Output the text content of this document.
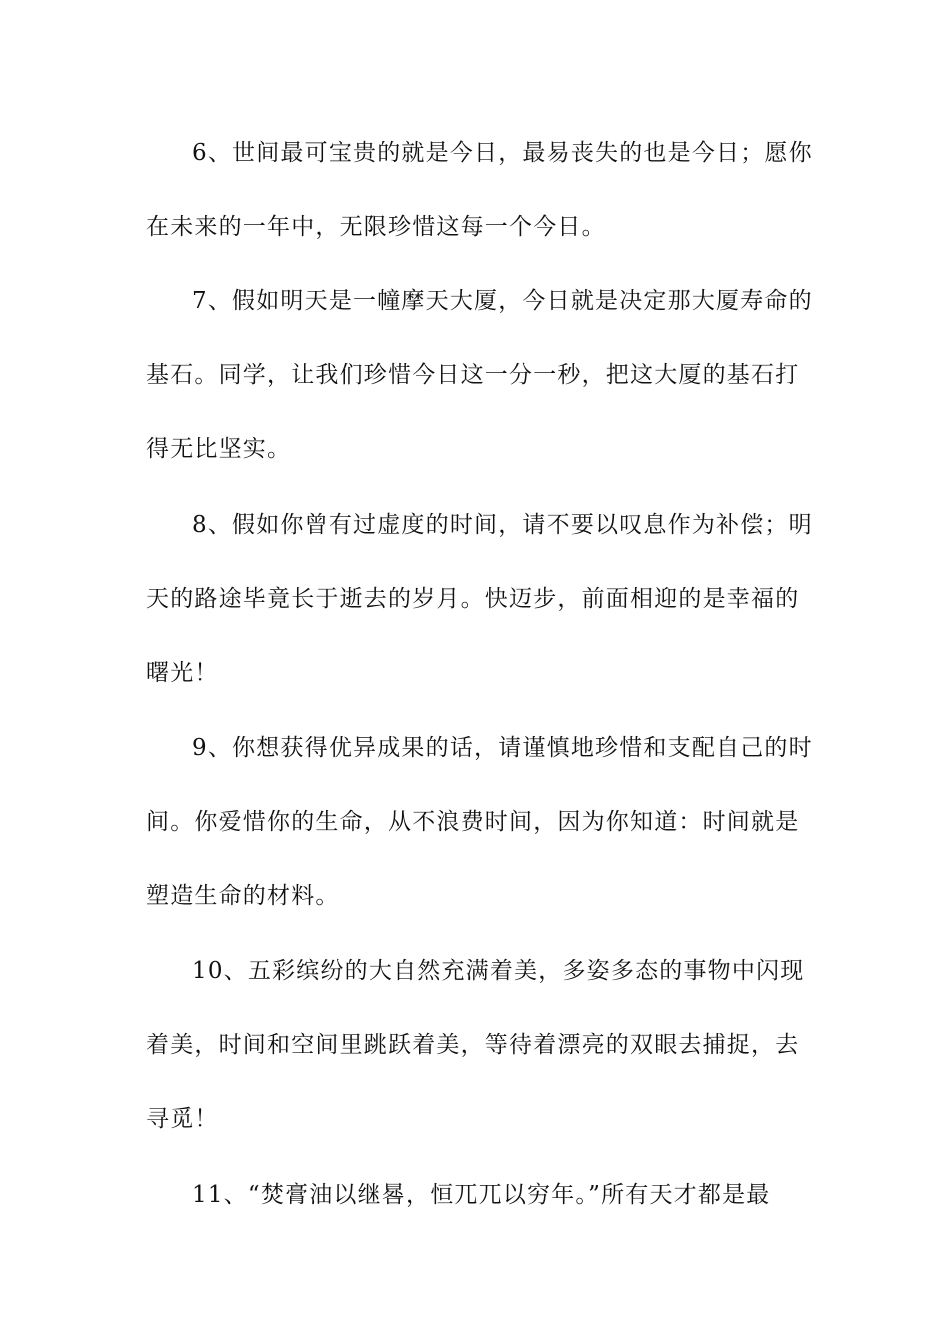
6、世间最可宝贵的就是今日，最易丧失的也是今日；愿你
在未来的一年中，无限珍惜这每一个今日。
7、假如明天是一幢摩天大厦，今日就是决定那大厦寿命的
基石。同学，让我们珍惜今日这一分一秒，把这大厦的基石打
得无比坚实。
8、假如你曾有过虚度的时间，请不要以叹息作为补偿；明
天的路途毕竟长于逝去的岁月。快迈步，前面相迎的是幸福的
曙光！
9、你想获得优异成果的话，请谨慎地珍惜和支配自己的时
间。你爱惜你的生命，从不浪费时间，因为你知道：时间就是
塑造生命的材料。
10、五彩缤纷的大自然充满着美，多姿多态的事物中闪现
着美，时间和空间里跳跃着美，等待着漂亮的双眼去捕捉，去
寻觅！
11、“焚膏油以继晷，恒兀兀以穷年。”所有天才都是最
